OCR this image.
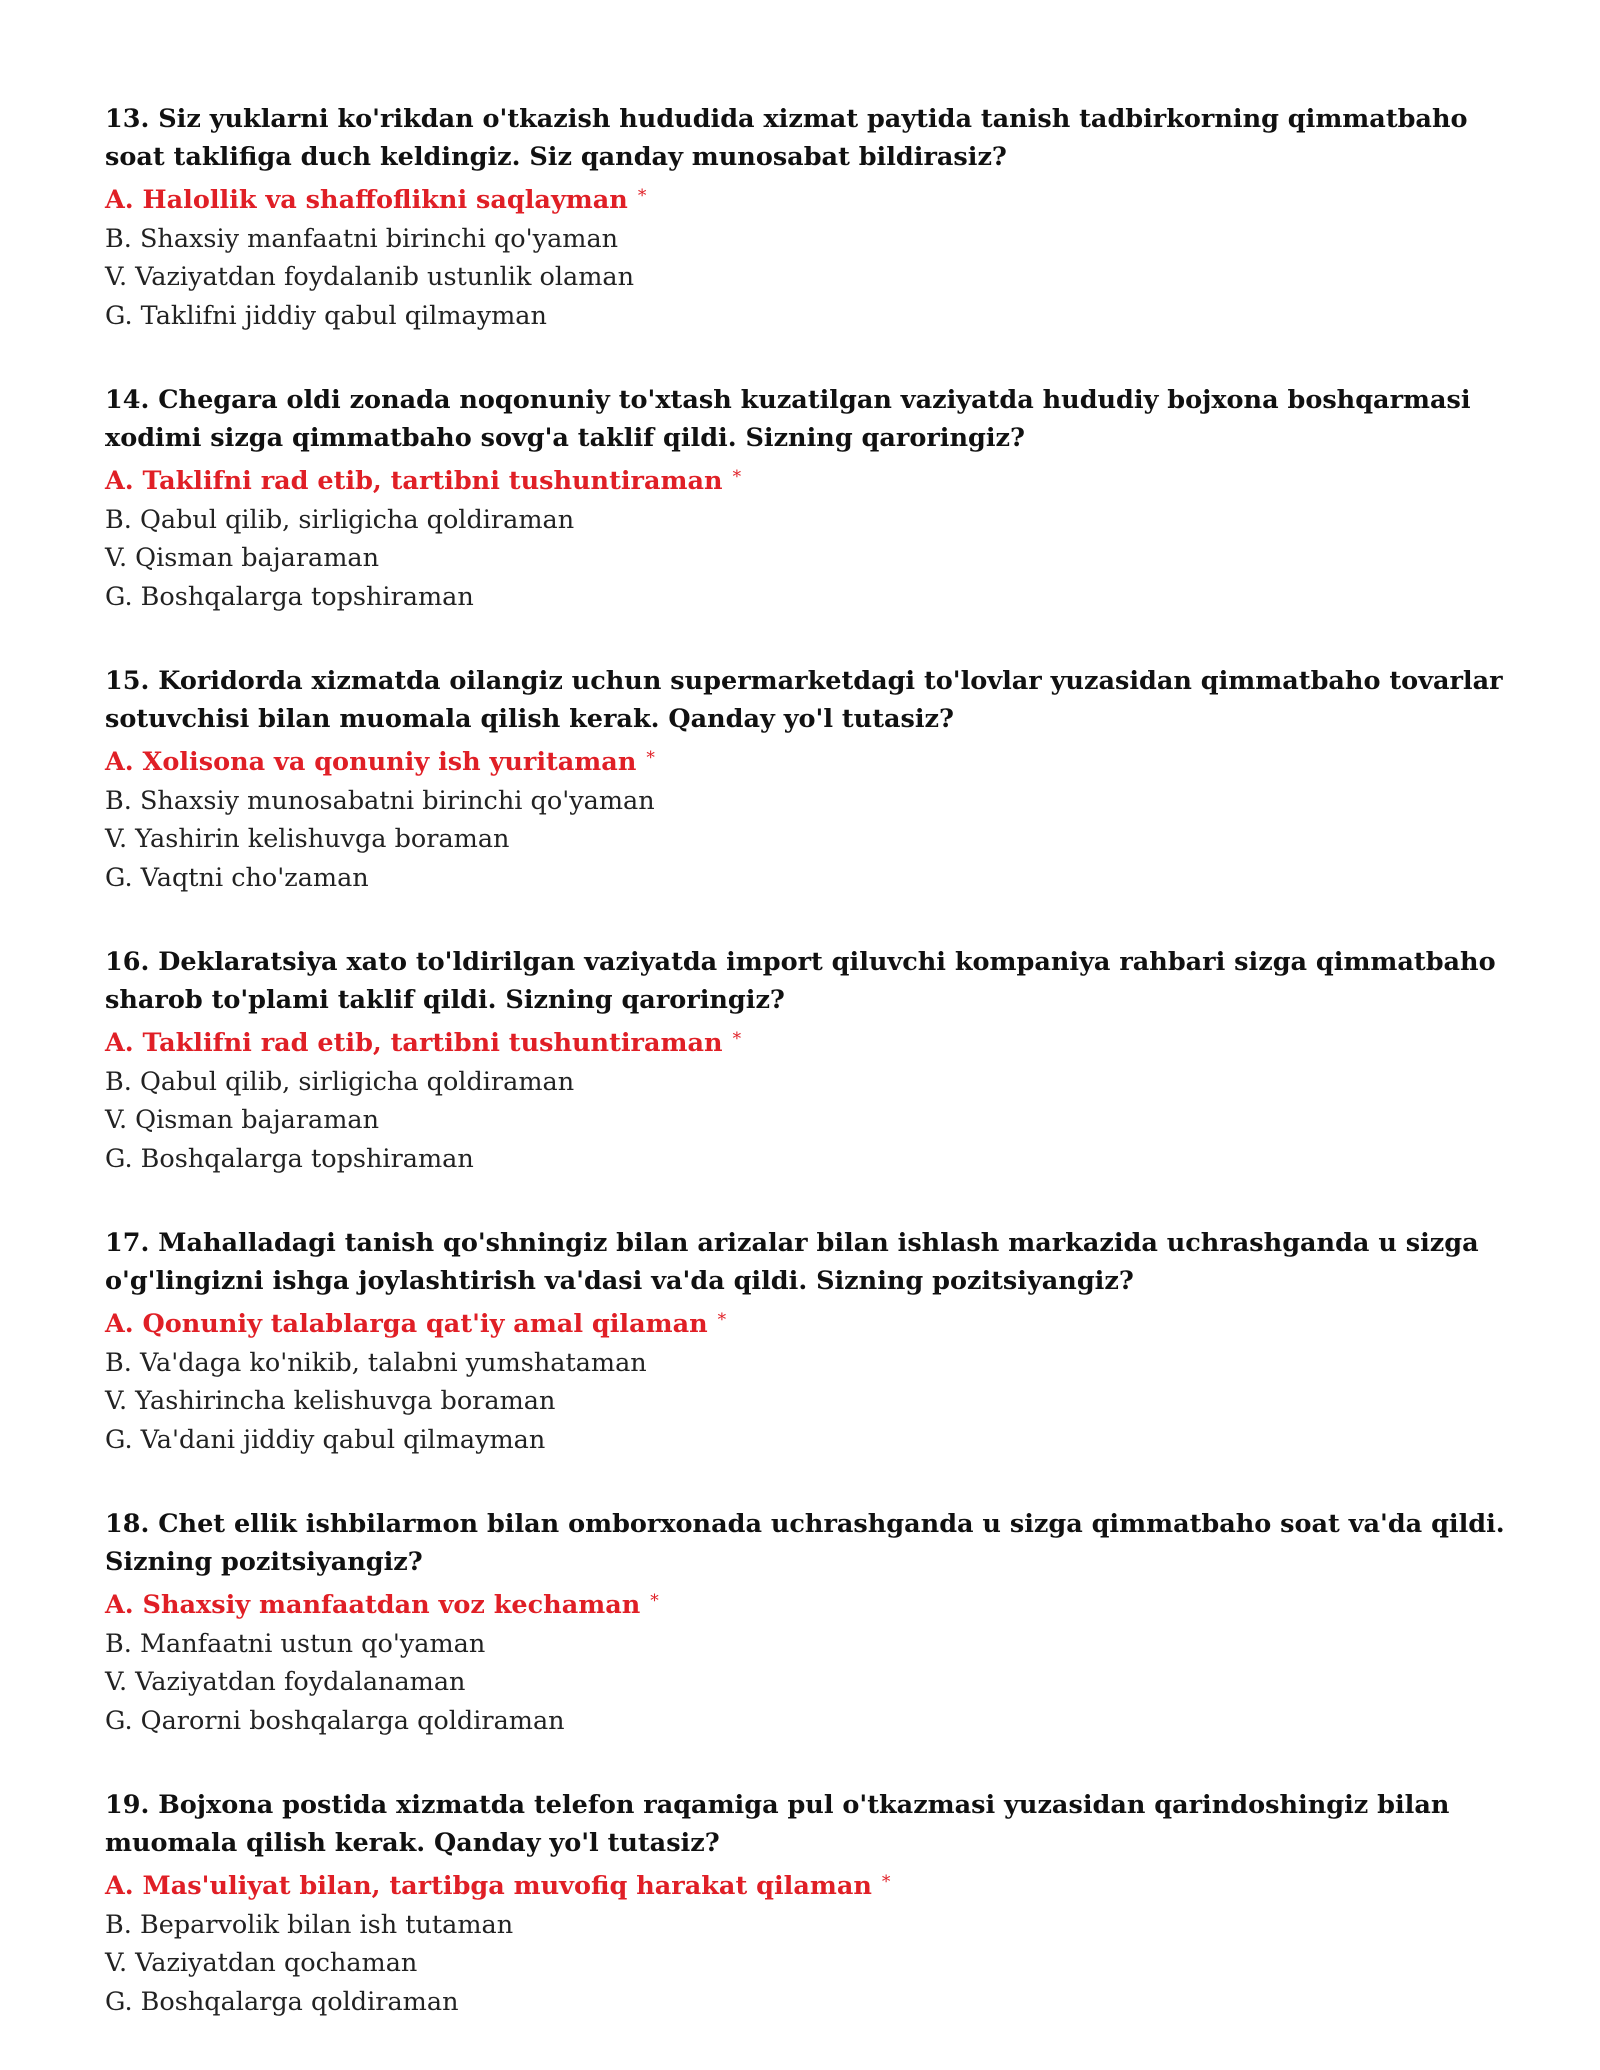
13. Siz yuklarni ko'rikdan o'tkazish hududida xizmat paytida tanish tadbirkorning qimmatbaho soat taklifiga duch keldingiz. Siz qanday munosabat bildirasiz?

A. Halollik va shaffoflikni saqlayman *

B. Shaxsiy manfaatni birinchi qo'yaman

V. Vaziyatdan foydalanib ustunlik olaman

G. Taklifni jiddiy qabul qilmayman

14. Chegara oldi zonada noqonuniy to'xtash kuzatilgan vaziyatda hududiy bojxona boshqarmasi xodimi sizga qimmatbaho sovg'a taklif qildi. Sizning qaroringiz?

A. Taklifni rad etib, tartibni tushuntiraman *

B. Qabul qilib, sirligicha qoldiraman

V. Qisman bajaraman

G. Boshqalarga topshiraman

15. Koridorda xizmatda oilangiz uchun supermarketdagi to'lovlar yuzasidan qimmatbaho tovarlar sotuvchisi bilan muomala qilish kerak. Qanday yo'l tutasiz?

A. Xolisona va qonuniy ish yuritaman *

B. Shaxsiy munosabatni birinchi qo'yaman

V. Yashirin kelishuvga boraman

G. Vaqtni cho'zaman

16. Deklaratsiya xato to'ldirilgan vaziyatda import qiluvchi kompaniya rahbari sizga qimmatbaho sharob to'plami taklif qildi. Sizning qaroringiz?

A. Taklifni rad etib, tartibni tushuntiraman *

B. Qabul qilib, sirligicha qoldiraman

V. Qisman bajaraman

G. Boshqalarga topshiraman

17. Mahalladagi tanish qo'shningiz bilan arizalar bilan ishlash markazida uchrashganda u sizga o'g'lingizni ishga joylashtirish va'dasi va'da qildi. Sizning pozitsiyangiz?

A. Qonuniy talablarga qat'iy amal qilaman *

B. Va'daga ko'nikib, talabni yumshataman

V. Yashirincha kelishuvga boraman

G. Va'dani jiddiy qabul qilmayman

18. Chet ellik ishbilarmon bilan omborxonada uchrashganda u sizga qimmatbaho soat va'da qildi. Sizning pozitsiyangiz?

A. Shaxsiy manfaatdan voz kechaman *

B. Manfaatni ustun qo'yaman

V. Vaziyatdan foydalanaman

G. Qarorni boshqalarga qoldiraman

19. Bojxona postida xizmatda telefon raqamiga pul o'tkazmasi yuzasidan qarindoshingiz bilan muomala qilish kerak. Qanday yo'l tutasiz?

A. Mas'uliyat bilan, tartibga muvofiq harakat qilaman *

B. Beparvolik bilan ish tutaman

V. Vaziyatdan qochaman

G. Boshqalarga qoldiraman
